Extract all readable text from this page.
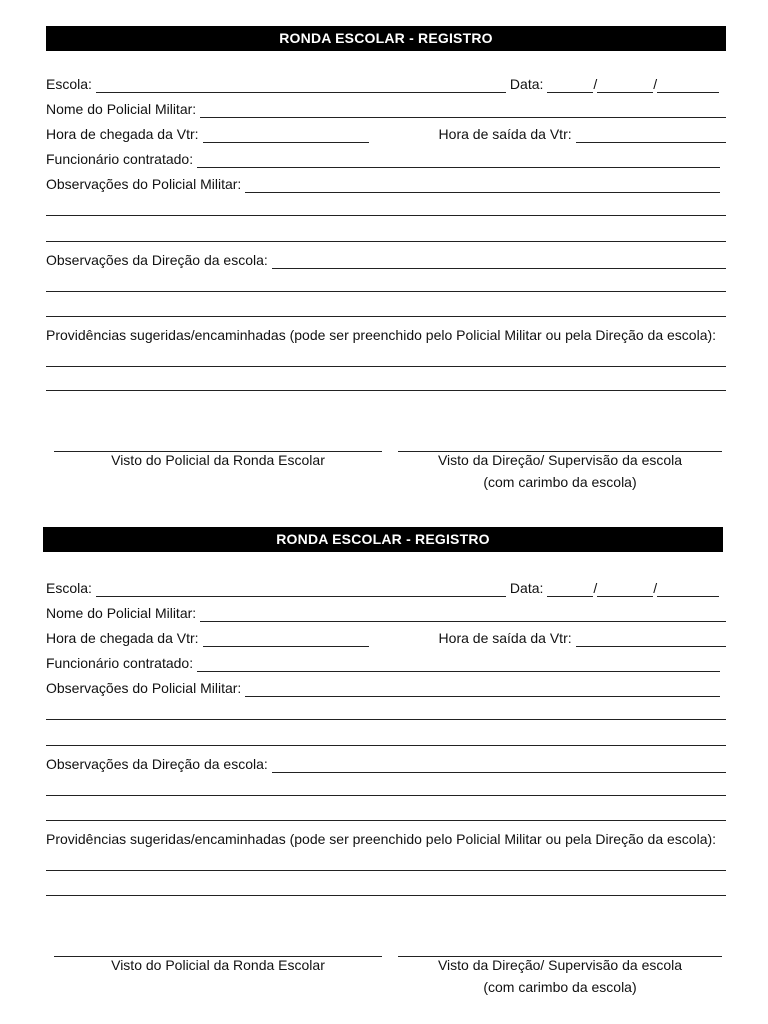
RONDA ESCOLAR - REGISTRO
Escola:	Data:	/	/
Nome do Policial Militar:
Hora de chegada da Vtr:	Hora de saída da Vtr:
Funcionário contratado:
Observações do Policial Militar:
Observações da Direção da escola:
Providências sugeridas/encaminhadas (pode ser preenchido pelo Policial Militar ou pela Direção da escola):
Visto do Policial da Ronda Escolar	Visto da Direção/ Supervisão da escola
(com carimbo da escola)
RONDA ESCOLAR - REGISTRO
Escola:	Data:	/	/
Nome do Policial Militar:
Hora de chegada da Vtr:	Hora de saída da Vtr:
Funcionário contratado:
Observações do Policial Militar:
Observações da Direção da escola:
Providências sugeridas/encaminhadas (pode ser preenchido pelo Policial Militar ou pela Direção da escola):
Visto do Policial da Ronda Escolar	Visto da Direção/ Supervisão da escola
(com carimbo da escola)
